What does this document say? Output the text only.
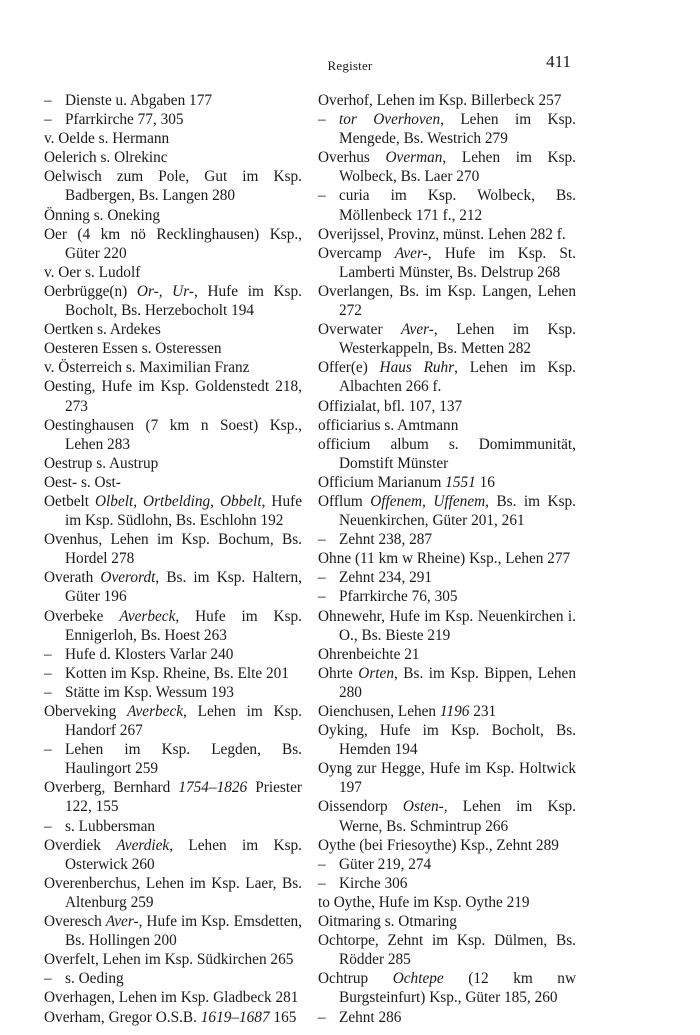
Register	411

– Dienste u. Abgaben 177

– Pfarrkirche 77, 305

v. Oelde s. Hermann

Oelerich s. Olrekinc

Oelwisch zum Pole, Gut im Ksp. Badbergen, Bs. Langen 280

Önning s. Oneking

Oer (4 km nö Recklinghausen) Ksp., Güter 220

v. Oer s. Ludolf

Oerbrügge(n) Or-, Ur-, Hufe im Ksp. Bocholt, Bs. Herzebocholt 194

Oertken s. Ardekes

Oesteren Essen s. Osteressen

v. Österreich s. Maximilian Franz

Oesting, Hufe im Ksp. Goldenstedt 218, 273

Oestinghausen (7 km n Soest) Ksp., Lehen 283

Oestrup s. Austrup

Oest- s. Ost-

Oetbelt Olbelt, Ortbelding, Obbelt, Hufe im Ksp. Südlohn, Bs. Eschlohn 192

Ovenhus, Lehen im Ksp. Bochum, Bs. Hordel 278

Overath Overordt, Bs. im Ksp. Haltern, Güter 196

Overbeke Averbeck, Hufe im Ksp. Ennigerloh, Bs. Hoest 263

– Hufe d. Klosters Varlar 240

– Kotten im Ksp. Rheine, Bs. Elte 201

– Stätte im Ksp. Wessum 193

Oberveking Averbeck, Lehen im Ksp. Handorf 267

– Lehen im Ksp. Legden, Bs. Haulingort 259

Overberg, Bernhard 1754–1826 Priester 122, 155

– s. Lubbersman

Overdiek Averdiek, Lehen im Ksp. Osterwick 260

Overenberchus, Lehen im Ksp. Laer, Bs. Altenburg 259

Overesch Aver-, Hufe im Ksp. Emsdetten, Bs. Hollingen 200

Overfelt, Lehen im Ksp. Südkirchen 265

– s. Oeding

Overhagen, Lehen im Ksp. Gladbeck 281

Overham, Gregor O.S.B. 1619–1687 165

Overhof, Lehen im Ksp. Billerbeck 257

– tor Overhoven, Lehen im Ksp. Mengede, Bs. Westrich 279

Overhus Overman, Lehen im Ksp. Wolbeck, Bs. Laer 270

– curia im Ksp. Wolbeck, Bs. Möllenbeck 171 f., 212

Overijssel, Provinz, münst. Lehen 282 f.

Overcamp Aver-, Hufe im Ksp. St. Lamberti Münster, Bs. Delstrup 268

Overlangen, Bs. im Ksp. Langen, Lehen 272

Overwater Aver-, Lehen im Ksp. Westerkappeln, Bs. Metten 282

Offer(e) Haus Ruhr, Lehen im Ksp. Albachten 266 f.

Offizialat, bfl. 107, 137

officiarius s. Amtmann

officium album s. Domimmunität, Domstift Münster

Officium Marianum 1551 16

Offlum Offenem, Uffenem, Bs. im Ksp. Neuenkirchen, Güter 201, 261

– Zehnt 238, 287

Ohne (11 km w Rheine) Ksp., Lehen 277

– Zehnt 234, 291

– Pfarrkirche 76, 305

Ohnewehr, Hufe im Ksp. Neuenkirchen i. O., Bs. Bieste 219

Ohrenbeichte 21

Ohrte Orten, Bs. im Ksp. Bippen, Lehen 280

Oienchusen, Lehen 1196 231

Oyking, Hufe im Ksp. Bocholt, Bs. Hemden 194

Oyng zur Hegge, Hufe im Ksp. Holtwick 197

Oissendorp Osten-, Lehen im Ksp. Werne, Bs. Schmintrup 266

Oythe (bei Friesoythe) Ksp., Zehnt 289

– Güter 219, 274

– Kirche 306

to Oythe, Hufe im Ksp. Oythe 219

Oitmaring s. Otmaring

Ochtorpe, Zehnt im Ksp. Dülmen, Bs. Rödder 285

Ochtrup Ochtepe (12 km nw Burgsteinfurt) Ksp., Güter 185, 260

– Zehnt 286
